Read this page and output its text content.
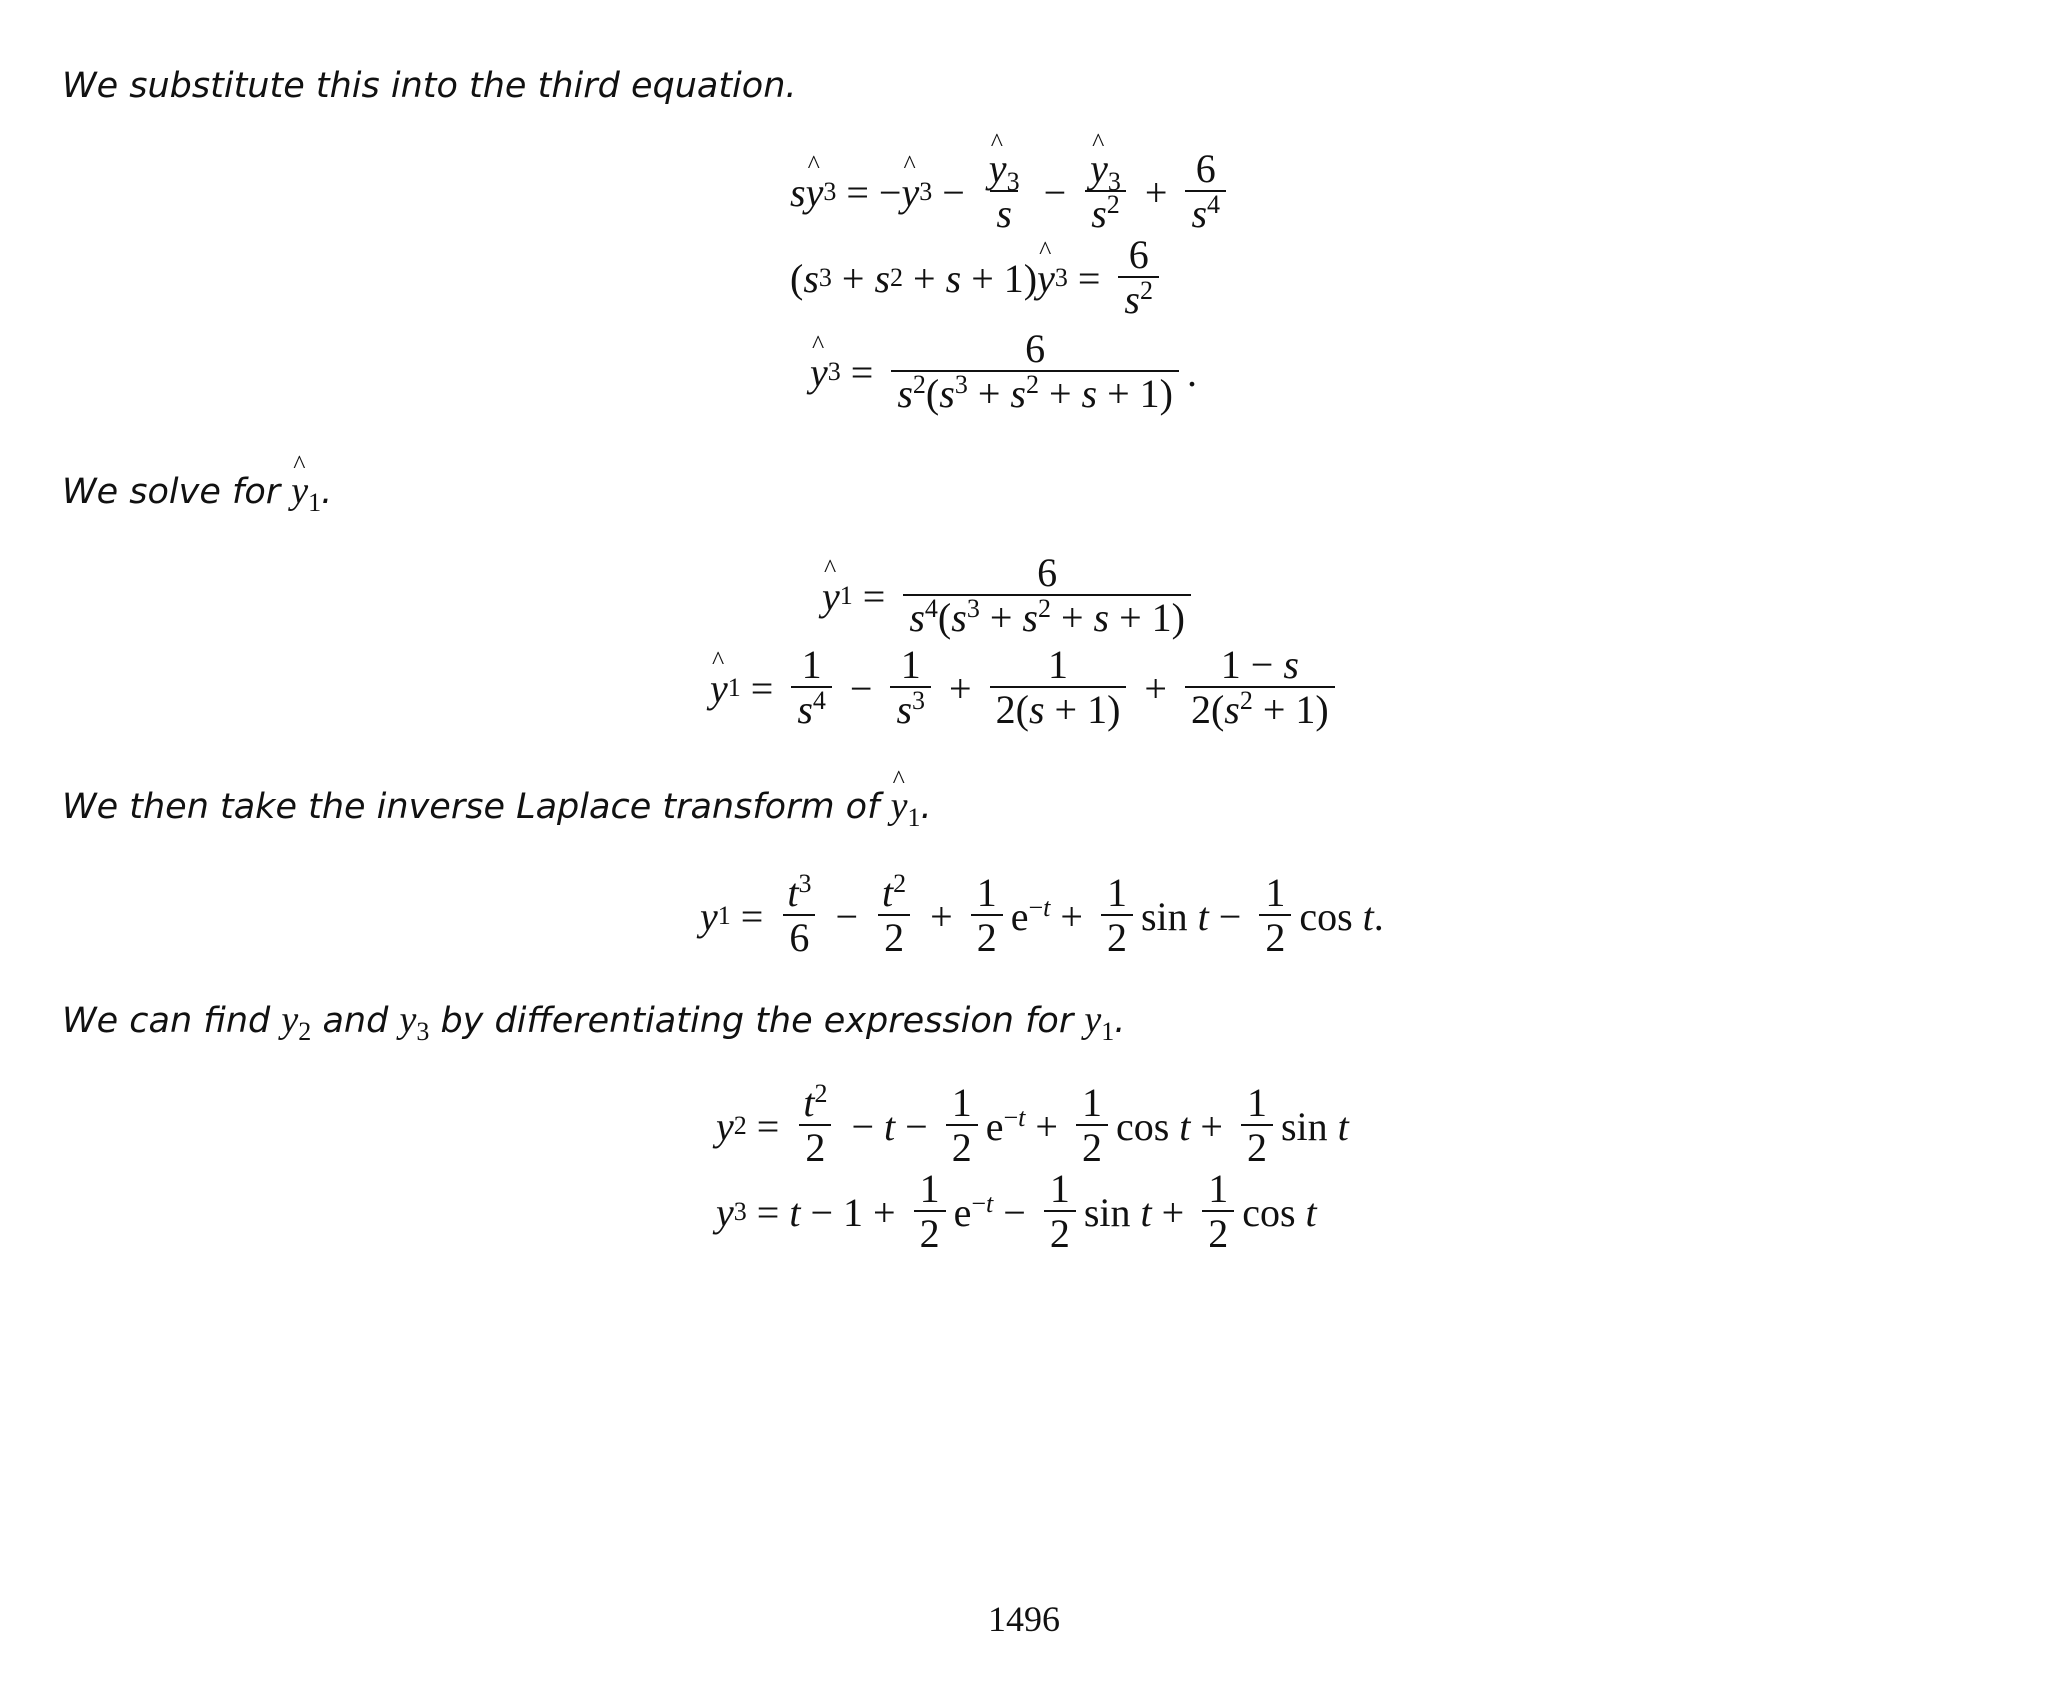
We substitute this into the third equation.
s ^ y 3 = − ^ y 3 − ^ $\frac{y_3}{s}$ − ^ $\frac{y_3}{s^2} + \frac{6}{s^4}$
( s 3 + s 2 + s + 1) ^ y $3 = \frac{6}{s^2}$
^ y $3 = \frac{6}{s^2(s^3 + s^2 + s + 1)}$ .
We solve for ^ $y_1$.
^ y $1 = \frac{6}{s^4(s^3 + s^2 + s + 1)}$
^ y $1 = \frac{1}{s^4} - \frac{1}{s^3} + \frac{1}{2(s + 1)} + \frac{1 - s}{2(s^2 + 1)}$
We then take the inverse Laplace transform of ^ $y_1$.
y $1 = \frac{t^3}{6} - \frac{t^2}{2} + \frac{1}{2} e^{-t} + \frac{1}{2}$ $\sin t - \frac{1}{2}$ cos t.
We can find $y_2$ and $y_3$ by differentiating the expression for $y_1$.
y $2 = \frac{t^2}{2} - t - \frac{1}{2} e^{-t} + \frac{1}{2}$ $\cos t + \frac{1}{2}$ sin t
y $3 = t - 1 + \frac{1}{2} e^{-t} - \frac{1}{2}$ $\sin t + \frac{1}{2}$ cos t
1496
